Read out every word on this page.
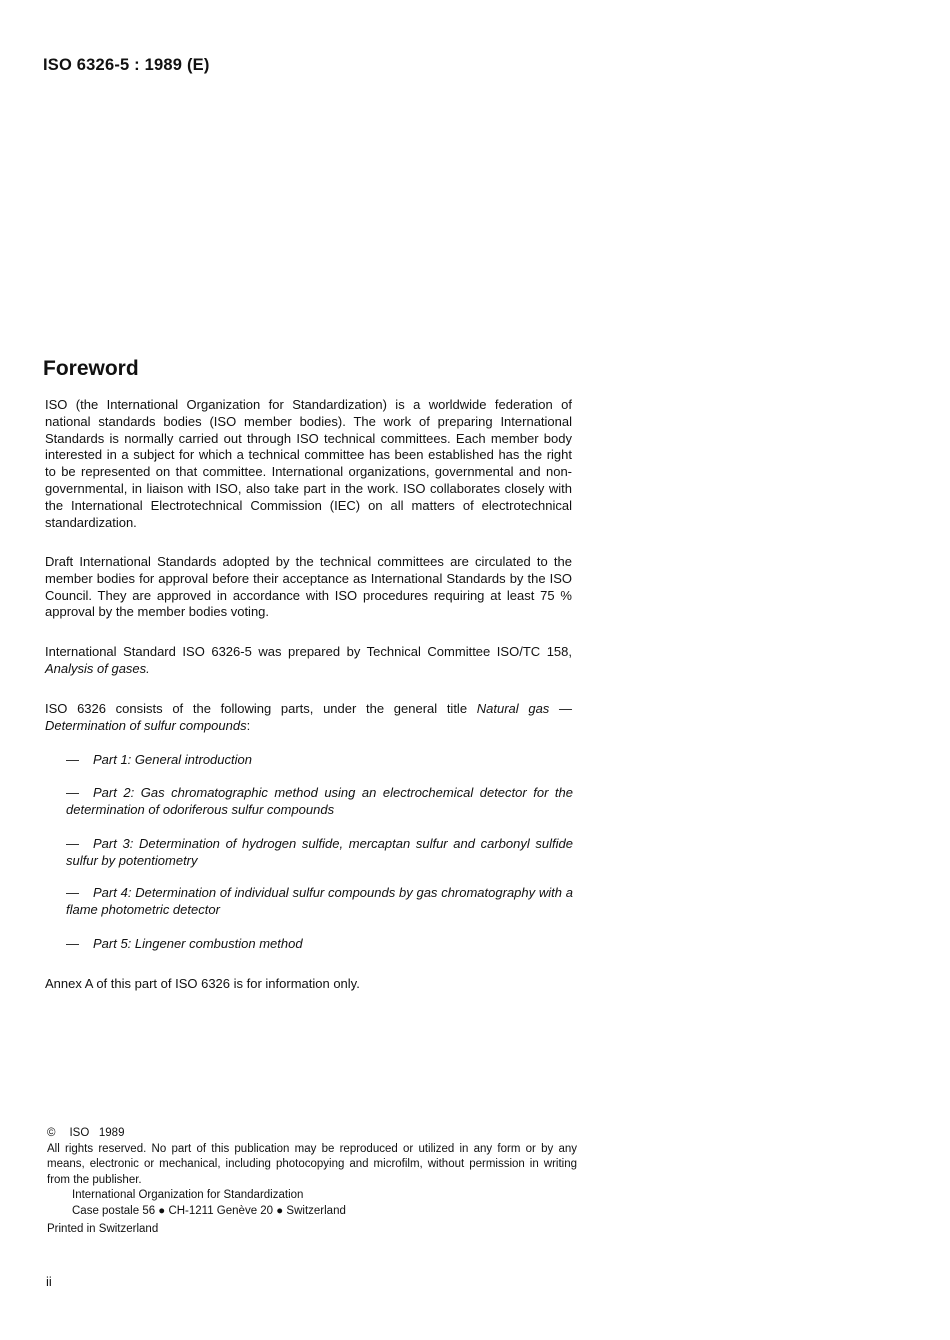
ISO 6326-5 : 1989 (E)
Foreword

ISO (the International Organization for Standardization) is a worldwide federation of national standards bodies (ISO member bodies). The work of preparing International Standards is normally carried out through ISO technical committees. Each member body interested in a subject for which a technical committee has been established has the right to be represented on that committee. International organizations, governmental and non-governmental, in liaison with ISO, also take part in the work. ISO collaborates closely with the International Electrotechnical Commission (IEC) on all matters of electrotechnical standardization.

Draft International Standards adopted by the technical committees are circulated to the member bodies for approval before their acceptance as International Standards by the ISO Council. They are approved in accordance with ISO procedures requiring at least 75 % approval by the member bodies voting.

International Standard ISO 6326-5 was prepared by Technical Committee ISO/TC 158, Analysis of gases.

ISO 6326 consists of the following parts, under the general title Natural gas — Determination of sulfur compounds:

— Part 1: General introduction
— Part 2: Gas chromatographic method using an electrochemical detector for the determination of odoriferous sulfur compounds
— Part 3: Determination of hydrogen sulfide, mercaptan sulfur and carbonyl sulfide sulfur by potentiometry
— Part 4: Determination of individual sulfur compounds by gas chromatography with a flame photometric detector
— Part 5: Lingener combustion method

Annex A of this part of ISO 6326 is for information only.

© ISO   1989
All rights reserved. No part of this publication may be reproduced or utilized in any form or by any means, electronic or mechanical, including photocopying and microfilm, without permission in writing from the publisher.
International Organization for Standardization
Case postale 56 ● CH-1211 Genève 20 ● Switzerland
Printed in Switzerland
ii
